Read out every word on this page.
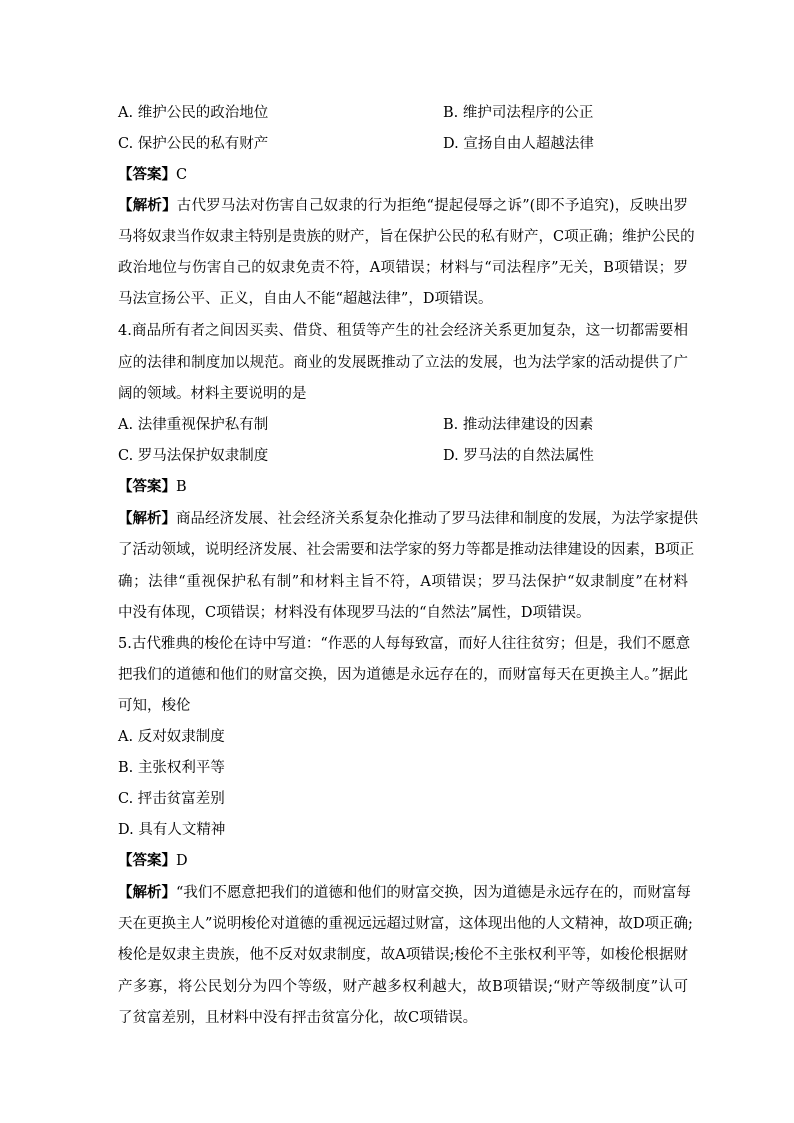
A. 维护公民的政治地位	B. 维护司法程序的公正
C. 保护公民的私有财产	D. 宣扬自由人超越法律
【答案】C
【解析】古代罗马法对伤害自己奴隶的行为拒绝“提起侵辱之诉”(即不予追究)，反映出罗
马将奴隶当作奴隶主特别是贵族的财产，旨在保护公民的私有财产，C项正确；维护公民的
政治地位与伤害自己的奴隶免责不符，A项错误；材料与“司法程序”无关，B项错误；罗
马法宣扬公平、正义，自由人不能“超越法律”，D项错误。
4.商品所有者之间因买卖、借贷、租赁等产生的社会经济关系更加复杂，这一切都需要相
应的法律和制度加以规范。商业的发展既推动了立法的发展，也为法学家的活动提供了广
阔的领域。材料主要说明的是
A. 法律重视保护私有制	B. 推动法律建设的因素
C. 罗马法保护奴隶制度	D. 罗马法的自然法属性
【答案】B
【解析】商品经济发展、社会经济关系复杂化推动了罗马法律和制度的发展，为法学家提供
了活动领域，说明经济发展、社会需要和法学家的努力等都是推动法律建设的因素，B项正
确；法律“重视保护私有制”和材料主旨不符，A项错误；罗马法保护“奴隶制度”在材料
中没有体现，C项错误；材料没有体现罗马法的“自然法”属性，D项错误。
5.古代雅典的梭伦在诗中写道：“作恶的人每每致富，而好人往往贫穷；但是，我们不愿意
把我们的道德和他们的财富交换，因为道德是永远存在的，而财富每天在更换主人。”据此
可知，梭伦
A. 反对奴隶制度
B. 主张权利平等
C. 抨击贫富差别
D. 具有人文精神
【答案】D
【解析】“我们不愿意把我们的道德和他们的财富交换，因为道德是永远存在的，而财富每
天在更换主人”说明梭伦对道德的重视远远超过财富，这体现出他的人文精神，故D项正确;
梭伦是奴隶主贵族，他不反对奴隶制度，故A项错误;梭伦不主张权利平等，如梭伦根据财
产多寡，将公民划分为四个等级，财产越多权利越大，故B项错误;“财产等级制度”认可
了贫富差别，且材料中没有抨击贫富分化，故C项错误。
